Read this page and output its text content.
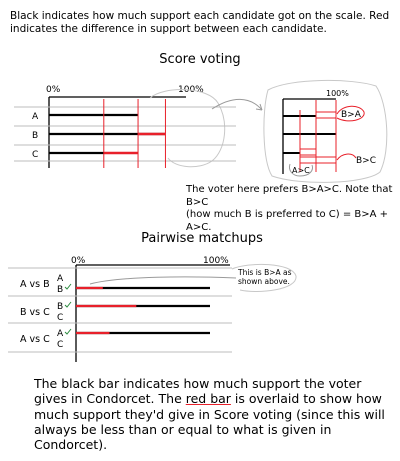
Black indicates how much support each candidate got on the scale. Red
indicates the difference in support between each candidate.
Score voting
The voter here prefers B>A>C. Note that B>C
(how much B is preferred to C) = B>A + A>C.
Pairwise matchups
The black bar indicates how much support the voter gives in Condorcet. The red bar is overlaid to show how much support they'd give in Score voting (since this will always be less than or equal to what is given in Condorcet).
0%	100%
A
B
C
100%
B>A
B>C
A>C
0%	100%
This is B>A as shown above.
A vs B A
B
B vs C B
C
A vs C A
C
